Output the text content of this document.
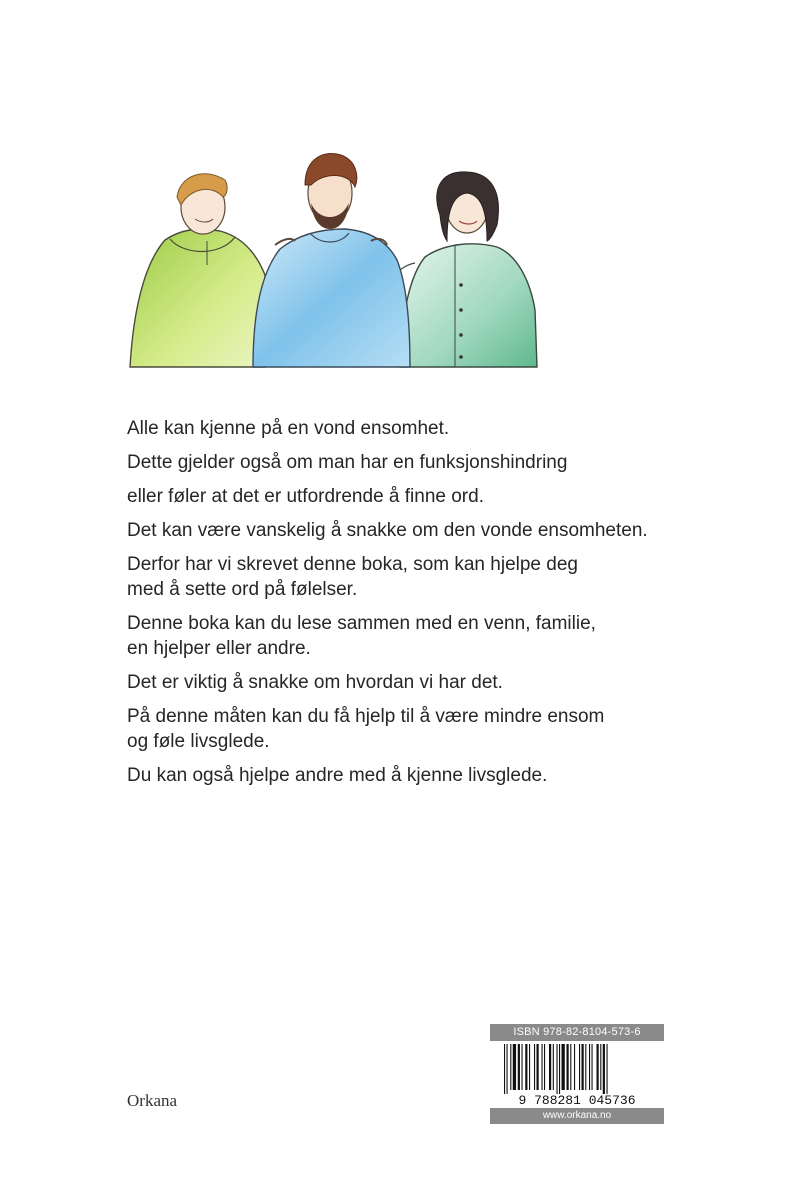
Alle kan kjenne på en vond ensomhet.

Dette gjelder også om man har en funksjonshindring

eller føler at det er utfordrende å finne ord.

Det kan være vanskelig å snakke om den vonde ensomheten.

Derfor har vi skrevet denne boka, som kan hjelpe deg
med å sette ord på følelser.

Denne boka kan du lese sammen med en venn, familie,
en hjelper eller andre.

Det er viktig å snakke om hvordan vi har det.

På denne måten kan du få hjelp til å være mindre ensom
og føle livsglede.

Du kan også hjelpe andre med å kjenne livsglede.

Orkana
ISBN 978-82-8104-573-6
9 788281 045736
www.orkana.no
